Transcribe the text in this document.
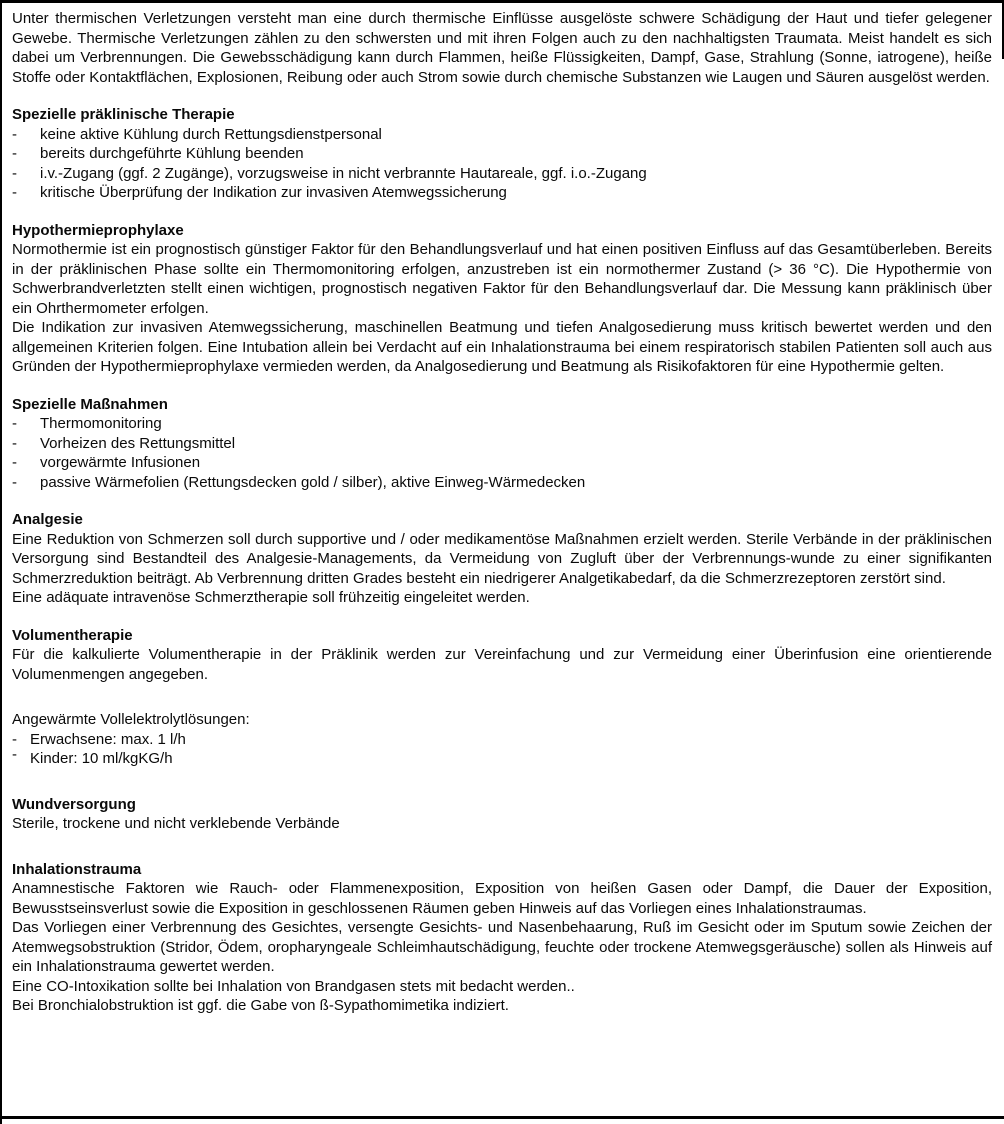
Unter thermischen Verletzungen versteht man eine durch thermische Einflüsse ausgelöste schwere Schädigung der Haut und tiefer gelegener Gewebe. Thermische Verletzungen zählen zu den schwersten und mit ihren Folgen auch zu den nachhaltigsten Traumata. Meist handelt es sich dabei um Verbrennungen. Die Gewebsschädigung kann durch Flammen, heiße Flüssigkeiten, Dampf, Gase, Strahlung (Sonne, iatrogene), heiße Stoffe oder Kontaktflächen, Explosionen, Reibung oder auch Strom sowie durch chemische Substanzen wie Laugen und Säuren ausgelöst werden.

Spezielle präklinische Therapie
-	keine aktive Kühlung durch Rettungsdienstpersonal
-	bereits durchgeführte Kühlung beenden
-	i.v.-Zugang (ggf. 2 Zugänge), vorzugsweise in nicht verbrannte Hautareale, ggf. i.o.-Zugang
-	kritische Überprüfung der Indikation zur invasiven Atemwegssicherung
Hypothermieprophylaxe

Normothermie ist ein prognostisch günstiger Faktor für den Behandlungsverlauf und hat einen positiven Einfluss auf das Gesamtüberleben. Bereits in der präklinischen Phase sollte ein Thermomonitoring erfolgen, anzustreben ist ein normothermer Zustand (> 36 °C). Die Hypothermie von Schwerbrandverletzten stellt einen wichtigen, prognostisch negativen Faktor für den Behandlungsverlauf dar. Die Messung kann präklinisch über ein Ohrthermometer erfolgen.

Die Indikation zur invasiven Atemwegssicherung, maschinellen Beatmung und tiefen Analgosedierung muss kritisch bewertet werden und den allgemeinen Kriterien folgen. Eine Intubation allein bei Verdacht auf ein Inhalationstrauma bei einem respiratorisch stabilen Patienten soll auch aus Gründen der Hypothermieprophylaxe vermieden werden, da Analgosedierung und Beatmung als Risikofaktoren für eine Hypothermie gelten.

Spezielle Maßnahmen
-	Thermomonitoring
-	Vorheizen des Rettungsmittel
-	vorgewärmte Infusionen
-	passive Wärmefolien (Rettungsdecken gold / silber), aktive Einweg-Wärmedecken
Analgesie

Eine Reduktion von Schmerzen soll durch supportive und / oder medikamentöse Maßnahmen erzielt werden. Sterile Verbände in der präklinischen Versorgung sind Bestandteil des Analgesie-Managements, da Vermeidung von Zugluft über der Verbrennungs-wunde zu einer signifikanten Schmerzreduktion beiträgt. Ab Verbrennung dritten Grades besteht ein niedrigerer Analgetikabedarf, da die Schmerzrezeptoren zerstört sind.

Eine adäquate intravenöse Schmerztherapie soll frühzeitig eingeleitet werden.

Volumentherapie

Für die kalkulierte Volumentherapie in der Präklinik werden zur Vereinfachung und zur Vermeidung einer Überinfusion eine orientierende Volumenmengen angegeben.

Angewärmte Vollelektrolytlösungen:

- Erwachsene: max. 1 l/h
- Kinder: 10 ml/kgKG/h
Wundversorgung

Sterile, trockene und nicht verklebende Verbände

Inhalationstrauma

Anamnestische Faktoren wie Rauch- oder Flammenexposition, Exposition von heißen Gasen oder Dampf, die Dauer der Exposition, Bewusstseinsverlust sowie die Exposition in geschlossenen Räumen geben Hinweis auf das Vorliegen eines Inhalationstraumas.

Das Vorliegen einer Verbrennung des Gesichtes, versengte Gesichts- und Nasenbehaarung, Ruß im Gesicht oder im Sputum sowie Zeichen der Atemwegsobstruktion (Stridor, Ödem, oropharyngeale Schleimhautschädigung, feuchte oder trockene Atemwegsgeräusche) sollen als Hinweis auf ein Inhalationstrauma gewertet werden.

Eine CO-Intoxikation sollte bei Inhalation von Brandgasen stets mit bedacht werden..

Bei Bronchialobstruktion ist ggf. die Gabe von ß-Sypathomimetika indiziert.
